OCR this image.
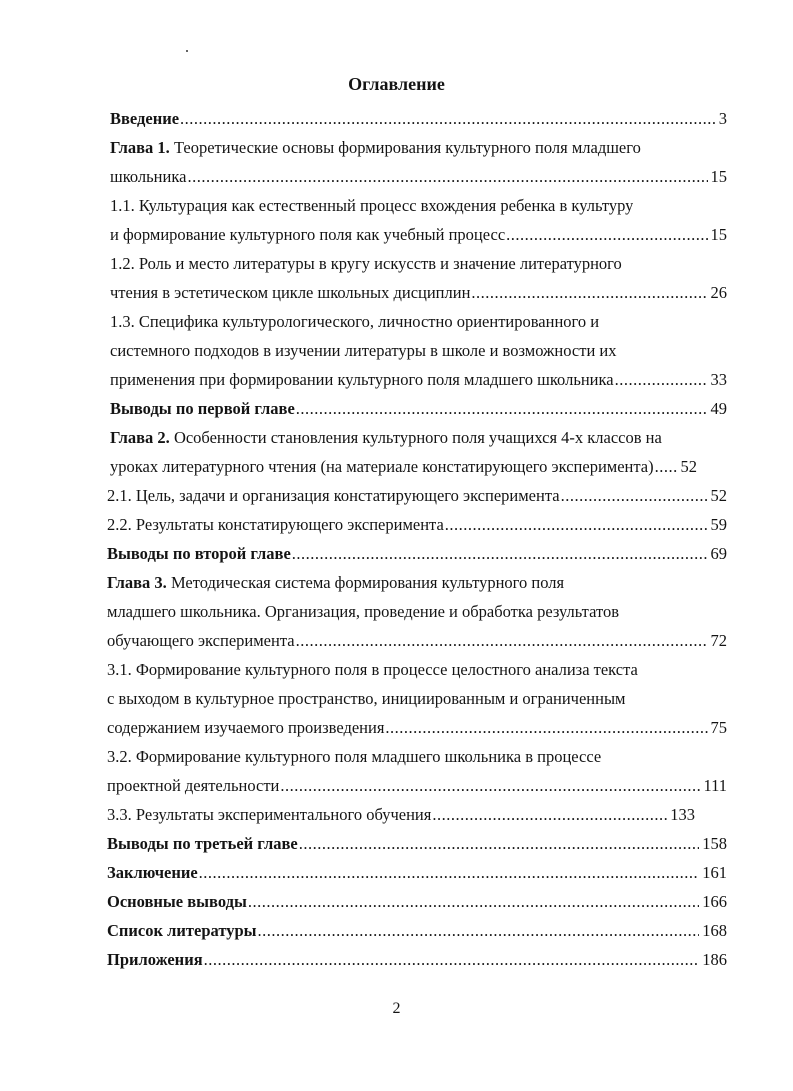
Оглавление
Введение .....	3
Глава 1. Теоретические основы формирования культурного поля младшего
школьника .....	15
1.1. Культурация как естественный процесс вхождения ребенка в культуру
и формирование культурного поля как учебный процесс .....	15
1.2. Роль и место литературы в кругу искусств и значение литературного
чтения в эстетическом цикле школьных дисциплин .....	26
1.3. Специфика культурологического, личностно ориентированного и
системного подходов в изучении литературы в школе и возможности их
применения при формировании культурного поля младшего школьника .....	33
Выводы по первой главе .....	49
Глава 2. Особенности становления культурного поля учащихся 4-х классов на
уроках литературного чтения (на материале констатирующего эксперимента) ..... 52
2.1. Цель, задачи и организация констатирующего эксперимента .....	52
2.2. Результаты констатирующего эксперимента .....	59
Выводы по второй главе .....	69
Глава 3. Методическая система формирования культурного поля
младшего школьника. Организация, проведение и обработка результатов
обучающего эксперимента .....	72
3.1. Формирование культурного поля в процессе целостного анализа текста
с выходом в культурное пространство, инициированным и ограниченным
содержанием изучаемого произведения .....	75
3.2. Формирование культурного поля младшего школьника в процессе
проектной деятельности .....	111
3.3. Результаты экспериментального обучения .....	133
Выводы по третьей главе .....	158
Заключение .....	161
Основные выводы .....	166
Список литературы .....	168
Приложения .....	186
2
